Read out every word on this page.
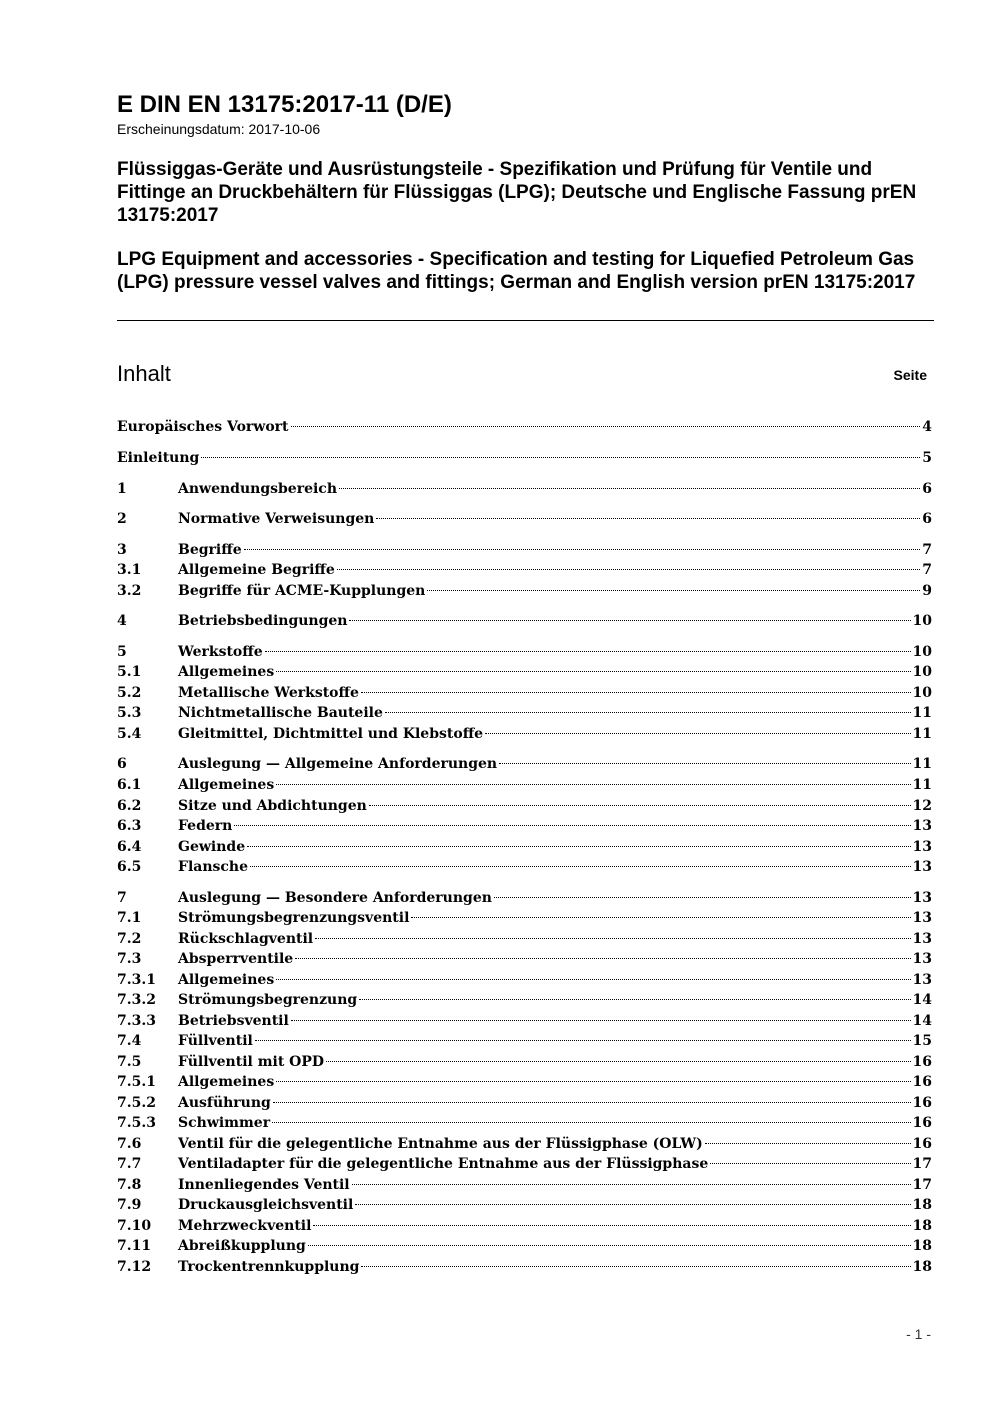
E DIN EN 13175:2017-11 (D/E)
Erscheinungsdatum: 2017-10-06
Flüssiggas-Geräte und Ausrüstungsteile - Spezifikation und Prüfung für Ventile und Fittinge an Druckbehältern für Flüssiggas (LPG); Deutsche und Englische Fassung prEN 13175:2017
LPG Equipment and accessories - Specification and testing for Liquefied Petroleum Gas (LPG) pressure vessel valves and fittings; German and English version prEN 13175:2017
Inhalt	Seite
Europäisches Vorwort	4
Einleitung	5
1	Anwendungsbereich	6
2	Normative Verweisungen	6
3	Begriffe	7
3.1	Allgemeine Begriffe	7
3.2	Begriffe für ACME-Kupplungen	9
4	Betriebsbedingungen	10
5	Werkstoffe	10
5.1	Allgemeines	10
5.2	Metallische Werkstoffe	10
5.3	Nichtmetallische Bauteile	11
5.4	Gleitmittel, Dichtmittel und Klebstoffe	11
6	Auslegung — Allgemeine Anforderungen	11
6.1	Allgemeines	11
6.2	Sitze und Abdichtungen	12
6.3	Federn	13
6.4	Gewinde	13
6.5	Flansche	13
7	Auslegung — Besondere Anforderungen	13
7.1	Strömungsbegrenzungsventil	13
7.2	Rückschlagventil	13
7.3	Absperrventile	13
7.3.1	Allgemeines	13
7.3.2	Strömungsbegrenzung	14
7.3.3	Betriebsventil	14
7.4	Füllventil	15
7.5	Füllventil mit OPD	16
7.5.1	Allgemeines	16
7.5.2	Ausführung	16
7.5.3	Schwimmer	16
7.6	Ventil für die gelegentliche Entnahme aus der Flüssigphase (OLW)	16
7.7	Ventiladapter für die gelegentliche Entnahme aus der Flüssigphase	17
7.8	Innenliegendes Ventil	17
7.9	Druckausgleichsventil	18
7.10	Mehrzweckventil	18
7.11	Abreißkupplung	18
7.12	Trockentrennkupplung	18
- 1 -
